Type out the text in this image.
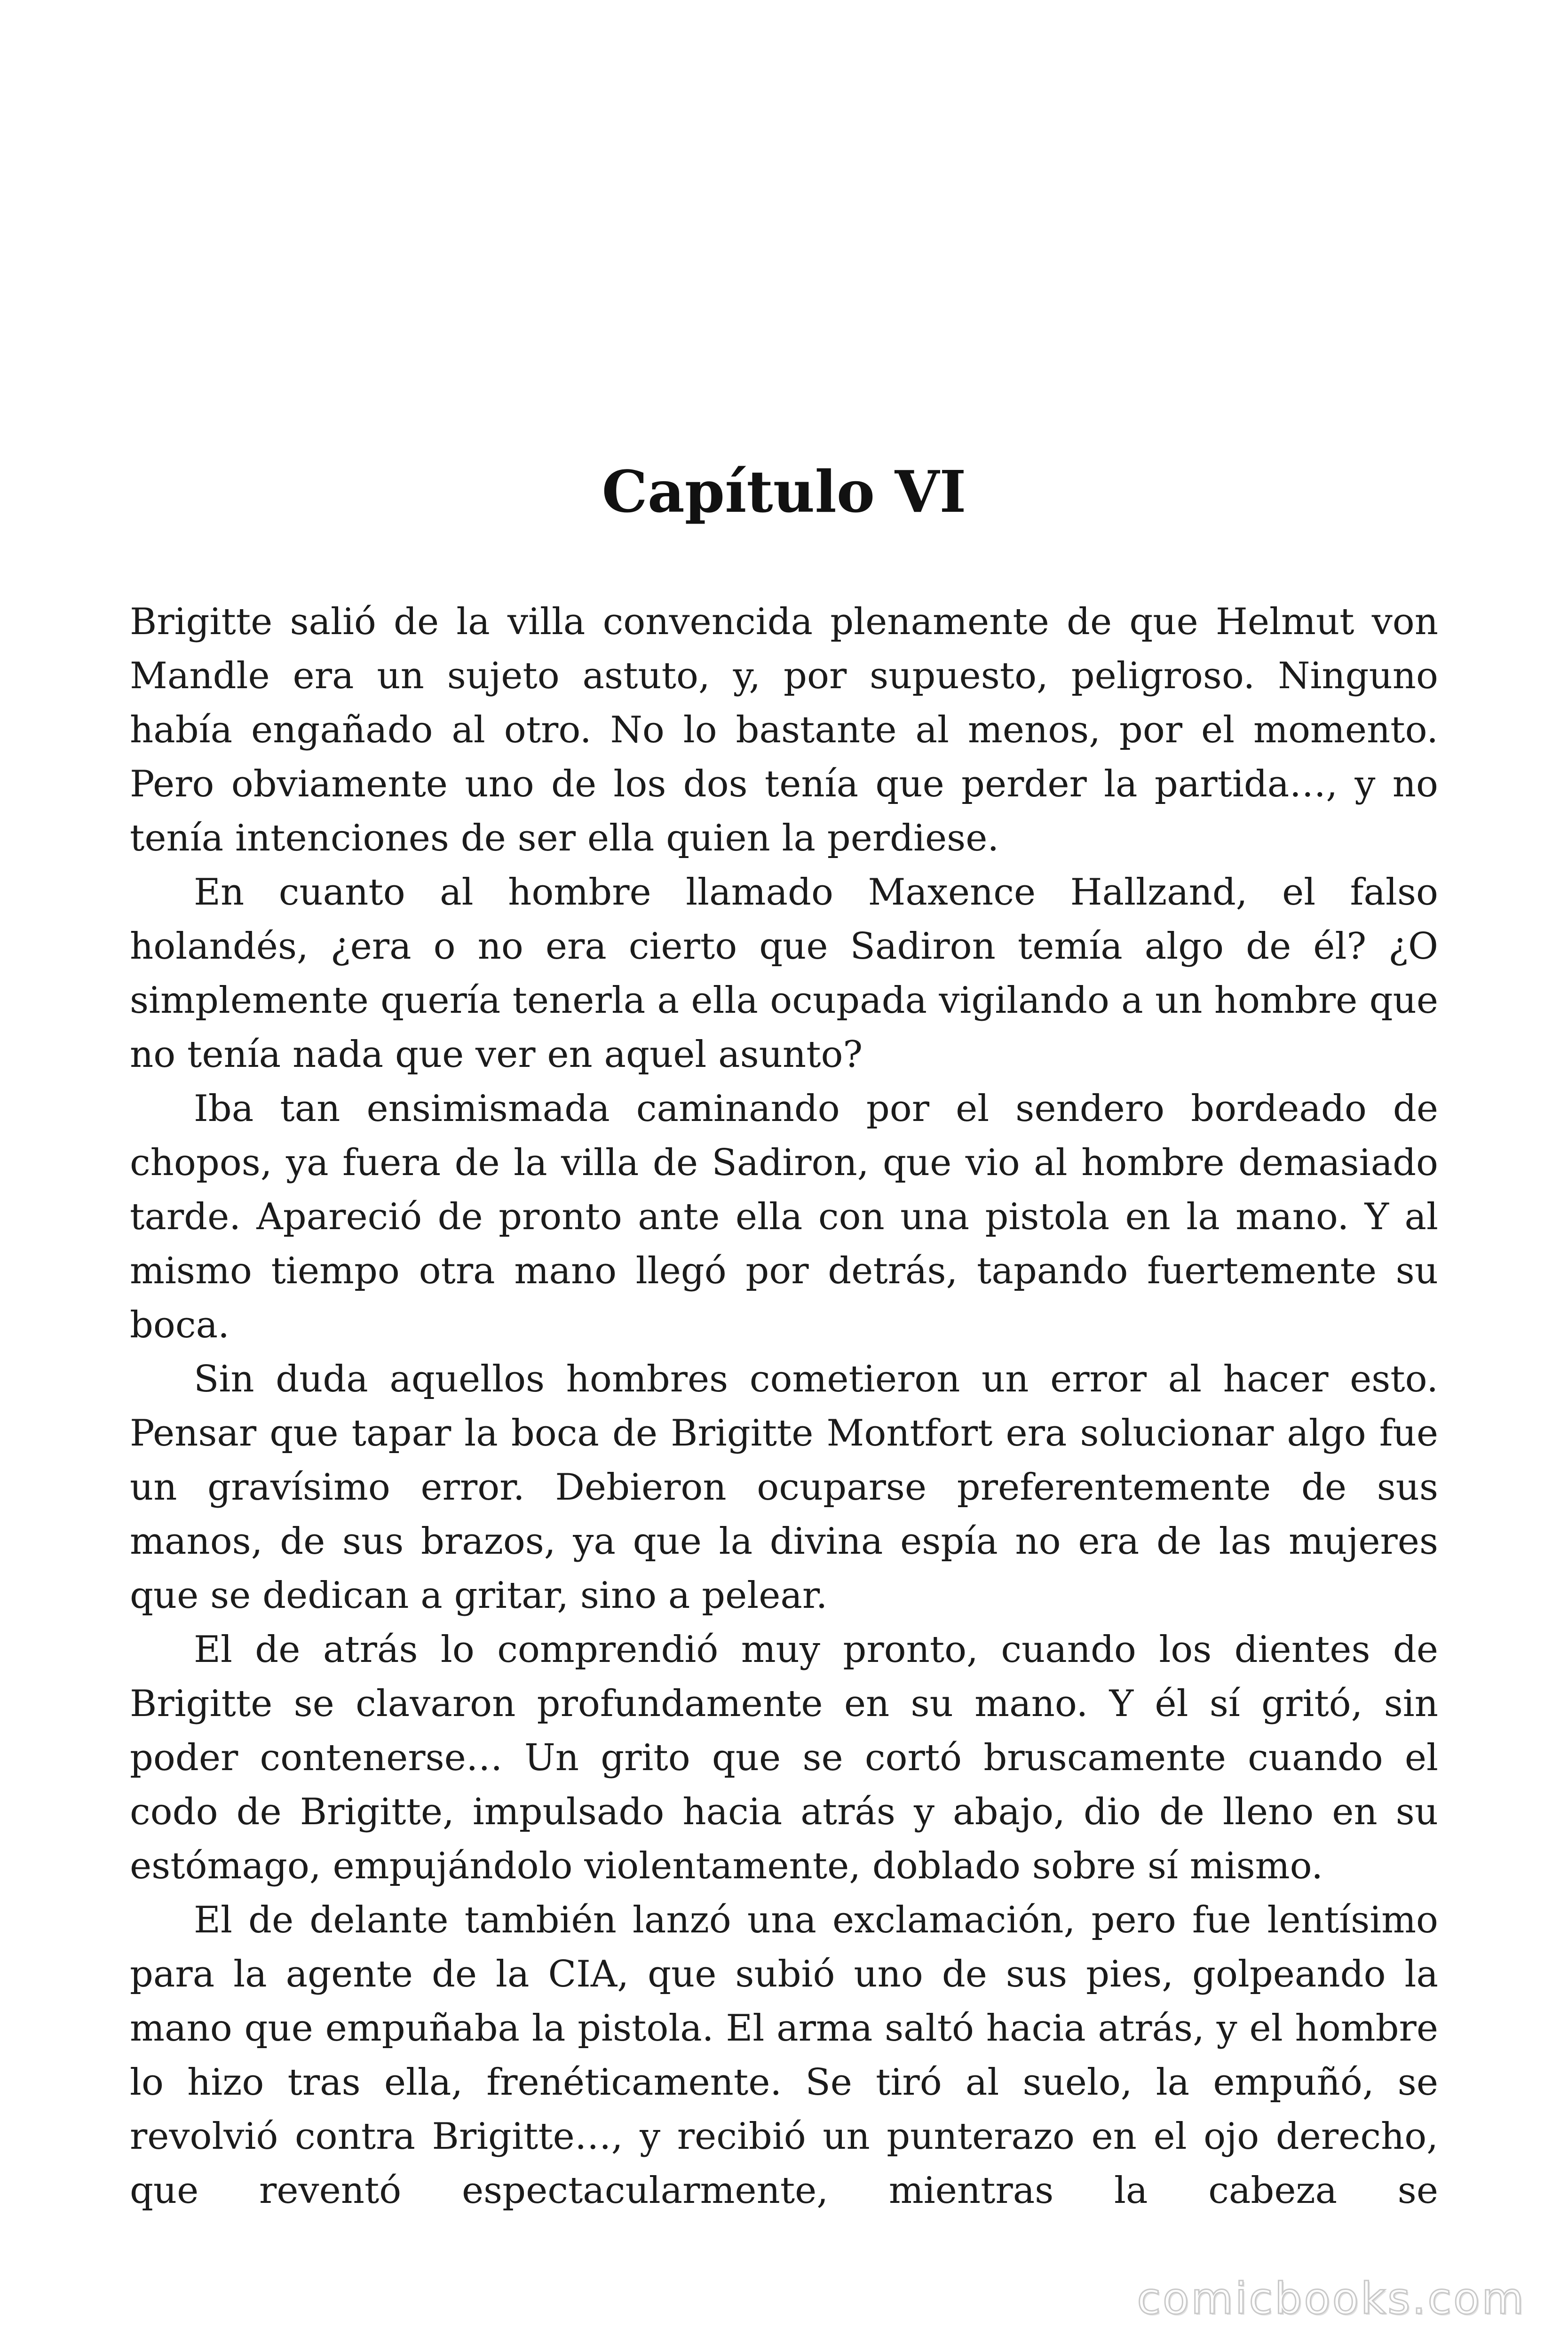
Capítulo VI

Brigitte salió de la villa convencida plenamente de que Helmut von Mandle era un sujeto astuto, y, por supuesto, peligroso. Ninguno había engañado al otro. No lo bastante al menos, por el momento. Pero obviamente uno de los dos tenía que perder la partida…, y no tenía intenciones de ser ella quien la perdiese.

En cuanto al hombre llamado Maxence Hallzand, el falso holandés, ¿era o no era cierto que Sadiron temía algo de él? ¿O simplemente quería tenerla a ella ocupada vigilando a un hombre que no tenía nada que ver en aquel asunto?

Iba tan ensimismada caminando por el sendero bordeado de chopos, ya fuera de la villa de Sadiron, que vio al hombre demasiado tarde. Apareció de pronto ante ella con una pistola en la mano. Y al mismo tiempo otra mano llegó por detrás, tapando fuertemente su boca.

Sin duda aquellos hombres cometieron un error al hacer esto. Pensar que tapar la boca de Brigitte Montfort era solucionar algo fue un gravísimo error. Debieron ocuparse preferentemente de sus manos, de sus brazos, ya que la divina espía no era de las mujeres que se dedican a gritar, sino a pelear.

El de atrás lo comprendió muy pronto, cuando los dientes de Brigitte se clavaron profundamente en su mano. Y él sí gritó, sin poder contenerse… Un grito que se cortó bruscamente cuando el codo de Brigitte, impulsado hacia atrás y abajo, dio de lleno en su estómago, empujándolo violentamente, doblado sobre sí mismo.

El de delante también lanzó una exclamación, pero fue lentísimo para la agente de la CIA, que subió uno de sus pies, golpeando la mano que empuñaba la pistola. El arma saltó hacia atrás, y el hombre lo hizo tras ella, frenéticamente. Se tiró al suelo, la empuñó, se revolvió contra Brigitte…, y recibió un punterazo en el ojo derecho, que reventó espectacularmente, mientras la cabeza se

comicbooks.com
